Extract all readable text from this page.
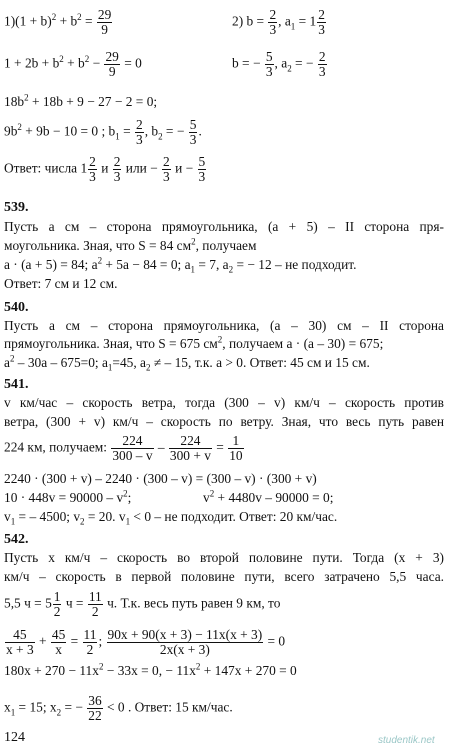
$1)(1 + b)^2 + b^2 = \frac{29}{9}$	2) $b = \frac{2}{3}$ , $a_1 = 1 \frac{2}{3}$
$1 + 2b + b^2 + b^2 - \frac{29}{9} = 0$	b = − $\frac{5}{3}$ , $a_2$ = − $\frac{2}{3}$
$18b^2 + 18b + 9 - 27 - 2 = 0$;
$9b^2 + 9b - 10 = 0$ ; $b_1 = \frac{2}{3}$ , $b_2$ = − $\frac{5}{3}$ .
Ответ: числа $1 \frac{2}{3}$ и $\frac{2}{3}$ или − $\frac{2}{3}$ $и - \frac{5}{3}$
539.
Пусть a см – сторона прямоугольника, (a + 5) – II сторона пря-
моугольника. Зная, что S = 84 $см^2$, получаем
a · (a + 5) = 84; $a^2 + 5a - 84 = 0$; $a_1 = 7$, $a_2$ = − 12 – не подходит.
Ответ: 7 см и 12 см.
540.
Пусть a см – сторона прямоугольника, (a – 30) см – II сторона
прямоугольника. Зная, что S = 675 $см^2$, получаем a · (a – 30) = 675;
$a^2 - 30a - 675=0$; $a_1=45$, $a_2$ ≠ – 15, т.к. a > 0. Ответ: 45 см и 15 см.
541.
v км/час – скорость ветра, тогда (300 – v) км/ч – скорость против
ветра, (300 + v) км/ч – скорость по ветру. Зная, что весь путь равен
224 км, получаем: $\frac{224}{300 - v} - \frac{224}{300 + v} = \frac{1}{10}$
2240 · (300 + v) – 2240 · (300 – v) = (300 – v) · (300 + v)
$10 \cdot 448v = 90000 - v^2$;	$v^2 + 4480v - 90000 = 0$;
$v_1$ = – 4500; $v_2 = 20$. $v_1 < 0$ – не подходит. Ответ: 20 км/час.
542.
Пусть x км/ч – скорость во второй половине пути. Тогда (x + 3)
км/ч – скорость в первой половине пути, всего затрачено 5,5 часа.
5,5 $ч = 5 \frac{1}{2}$ $ч = \frac{11}{2} ч$. Т.к. весь путь равен 9 км, то
$\frac{45}{x + 3} + \frac{45}{x} = \frac{11}{2}$ ; $\frac{90x + 90(x + 3) - 11x(x + 3)}{2x(x + 3)} = 0$
$180x + 270 - 11x^2 - 33x = 0$, − $11x^2 + 147x + 270 = 0$
$x_1 = 15$; $x_2$ = − $\frac{36}{22} < 0$ . Ответ: 15 км/час.
124	studentik.net
